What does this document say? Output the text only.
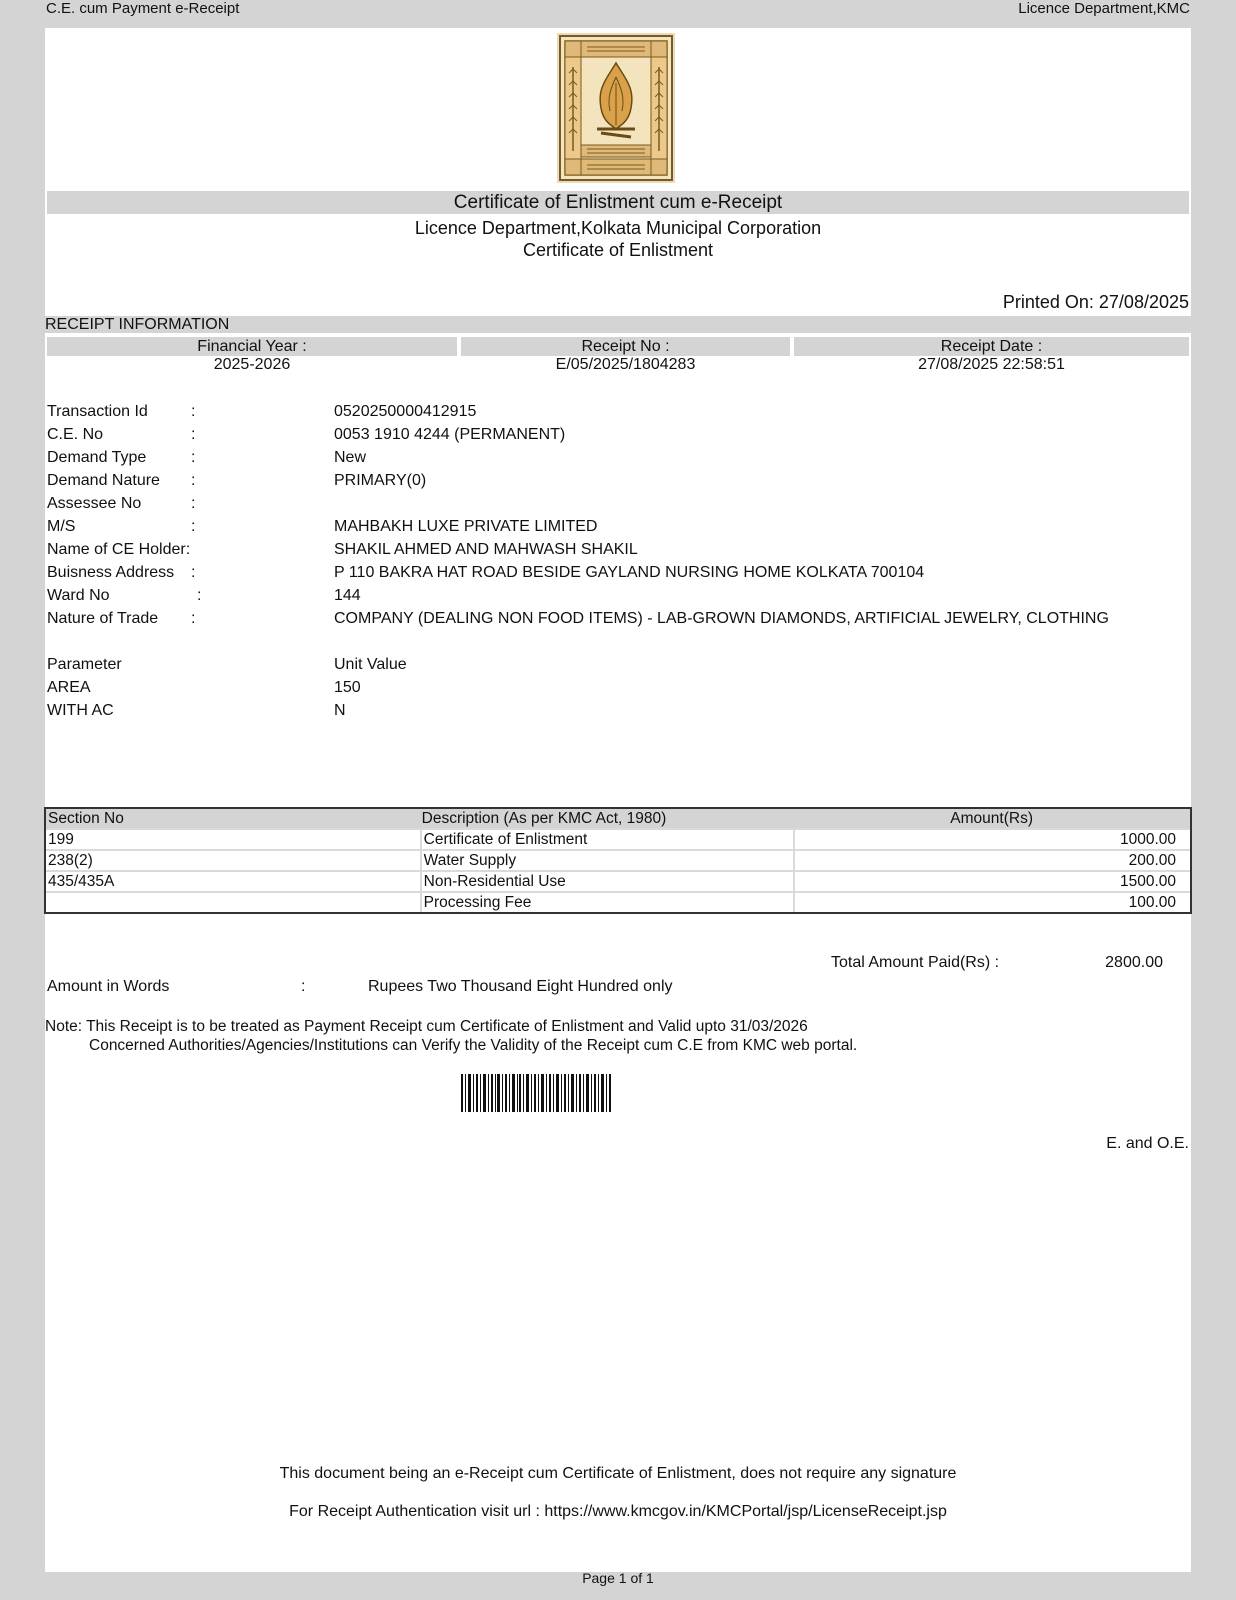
C.E. cum Payment e-Receipt	Licence Department,KMC
Certificate of Enlistment cum e-Receipt
Licence Department,Kolkata Municipal Corporation
Certificate of Enlistment
Printed On: 27/08/2025
RECEIPT INFORMATION
Financial Year :	Receipt No :	Receipt Date :
2025-2026	E/05/2025/1804283	27/08/2025 22:58:51
Transaction Id	:	0520250000412915
C.E. No	:	0053 1910 4244 (PERMANENT)
Demand Type	:	New
Demand Nature :	PRIMARY(0)
Assessee No	:
M/S	:	MAHBAKH LUXE PRIVATE LIMITED
Name of CE Holder:	SHAKIL AHMED AND MAHWASH SHAKIL
Buisness Address :	P 110 BAKRA HAT ROAD BESIDE GAYLAND NURSING HOME KOLKATA 700104
Ward No	:	144
Nature of Trade :	COMPANY (DEALING NON FOOD ITEMS) - LAB-GROWN DIAMONDS, ARTIFICIAL JEWELRY, CLOTHING
Parameter	Unit Value
AREA	150
WITH AC	N
Section No	Description (As per KMC Act, 1980)	Amount(Rs)
199	Certificate of Enlistment	1000.00
238(2)	Water Supply	200.00
435/435A	Non-Residential Use	1500.00
	Processing Fee	100.00
Total Amount Paid(Rs) :	2800.00
Amount in Words	:	Rupees Two Thousand Eight Hundred only
Note: This Receipt is to be treated as Payment Receipt cum Certificate of Enlistment and Valid upto 31/03/2026
Concerned Authorities/Agencies/Institutions can Verify the Validity of the Receipt cum C.E from KMC web portal.
E. and O.E.
This document being an e-Receipt cum Certificate of Enlistment, does not require any signature
For Receipt Authentication visit url : https://www.kmcgov.in/KMCPortal/jsp/LicenseReceipt.jsp
Page 1 of 1
